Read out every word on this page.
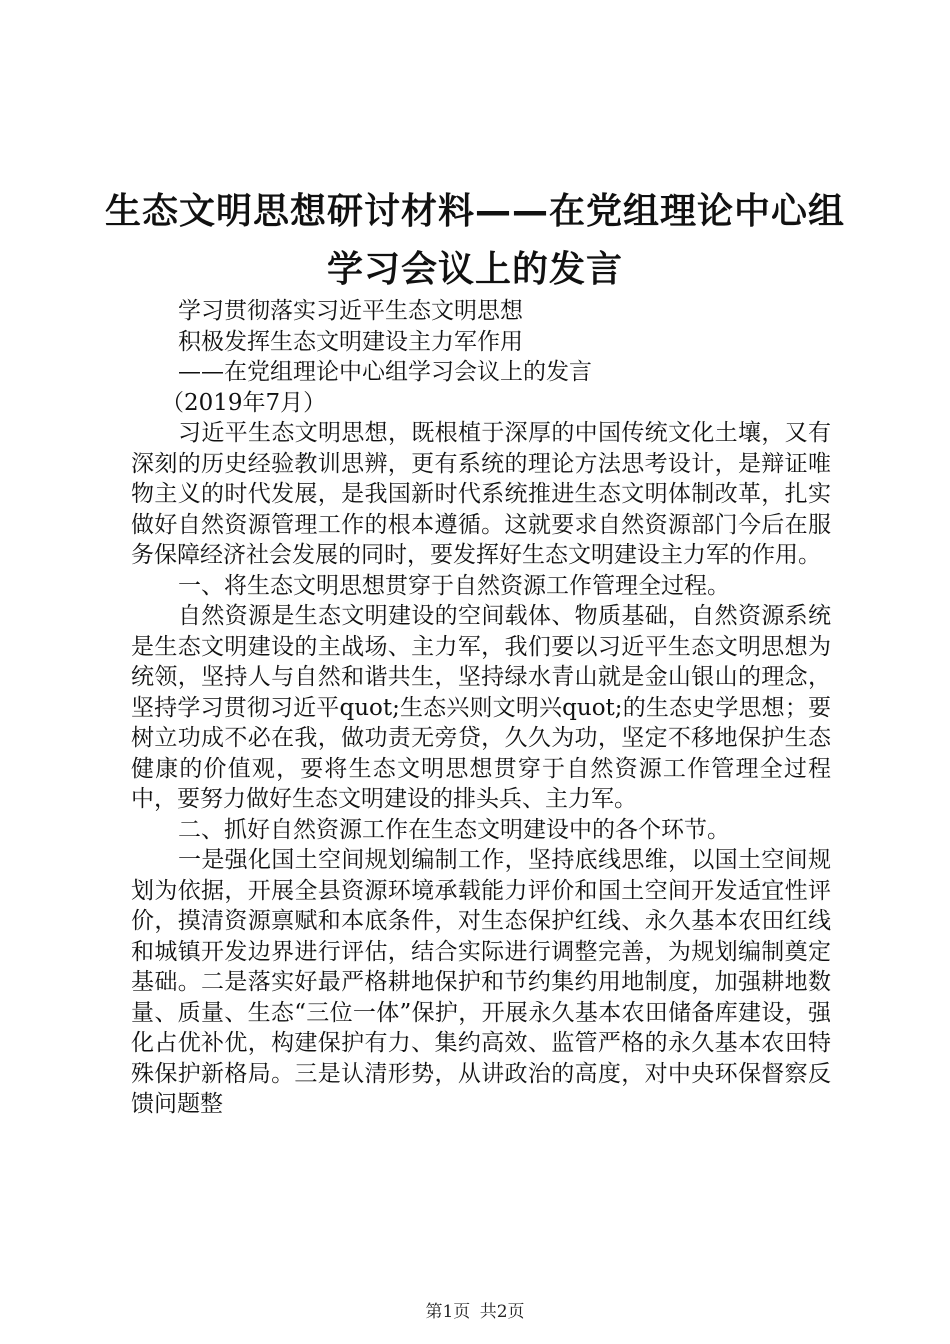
生态文明思想研讨材料——在党组理论中心组
学习会议上的发言

学习贯彻落实习近平生态文明思想

积极发挥生态文明建设主力军作用

——在党组理论中心组学习会议上的发言

（2019年7月）

习近平生态文明思想，既根植于深厚的中国传统文化土壤，又有深刻的历史经验教训思辨，更有系统的理论方法思考设计，是辩证唯物主义的时代发展，是我国新时代系统推进生态文明体制改革，扎实做好自然资源管理工作的根本遵循。这就要求自然资源部门今后在服务保障经济社会发展的同时，要发挥好生态文明建设主力军的作用。

一、将生态文明思想贯穿于自然资源工作管理全过程。

自然资源是生态文明建设的空间载体、物质基础，自然资源系统是生态文明建设的主战场、主力军，我们要以习近平生态文明思想为统领，坚持人与自然和谐共生，坚持绿水青山就是金山银山的理念，坚持学习贯彻习近平quot;生态兴则文明兴quot;的生态史学思想；要树立功成不必在我，做功责无旁贷，久久为功，坚定不移地保护生态健康的价值观，要将生态文明思想贯穿于自然资源工作管理全过程中，要努力做好生态文明建设的排头兵、主力军。

二、抓好自然资源工作在生态文明建设中的各个环节。

一是强化国土空间规划编制工作，坚持底线思维，以国土空间规划为依据，开展全县资源环境承载能力评价和国土空间开发适宜性评价，摸清资源禀赋和本底条件，对生态保护红线、永久基本农田红线和城镇开发边界进行评估，结合实际进行调整完善，为规划编制奠定基础。二是落实好最严格耕地保护和节约集约用地制度，加强耕地数量、质量、生态“三位一体”保护，开展永久基本农田储备库建设，强化占优补优，构建保护有力、集约高效、监管严格的永久基本农田特殊保护新格局。三是认清形势，从讲政治的高度，对中央环保督察反馈问题整

第1页 共2页
